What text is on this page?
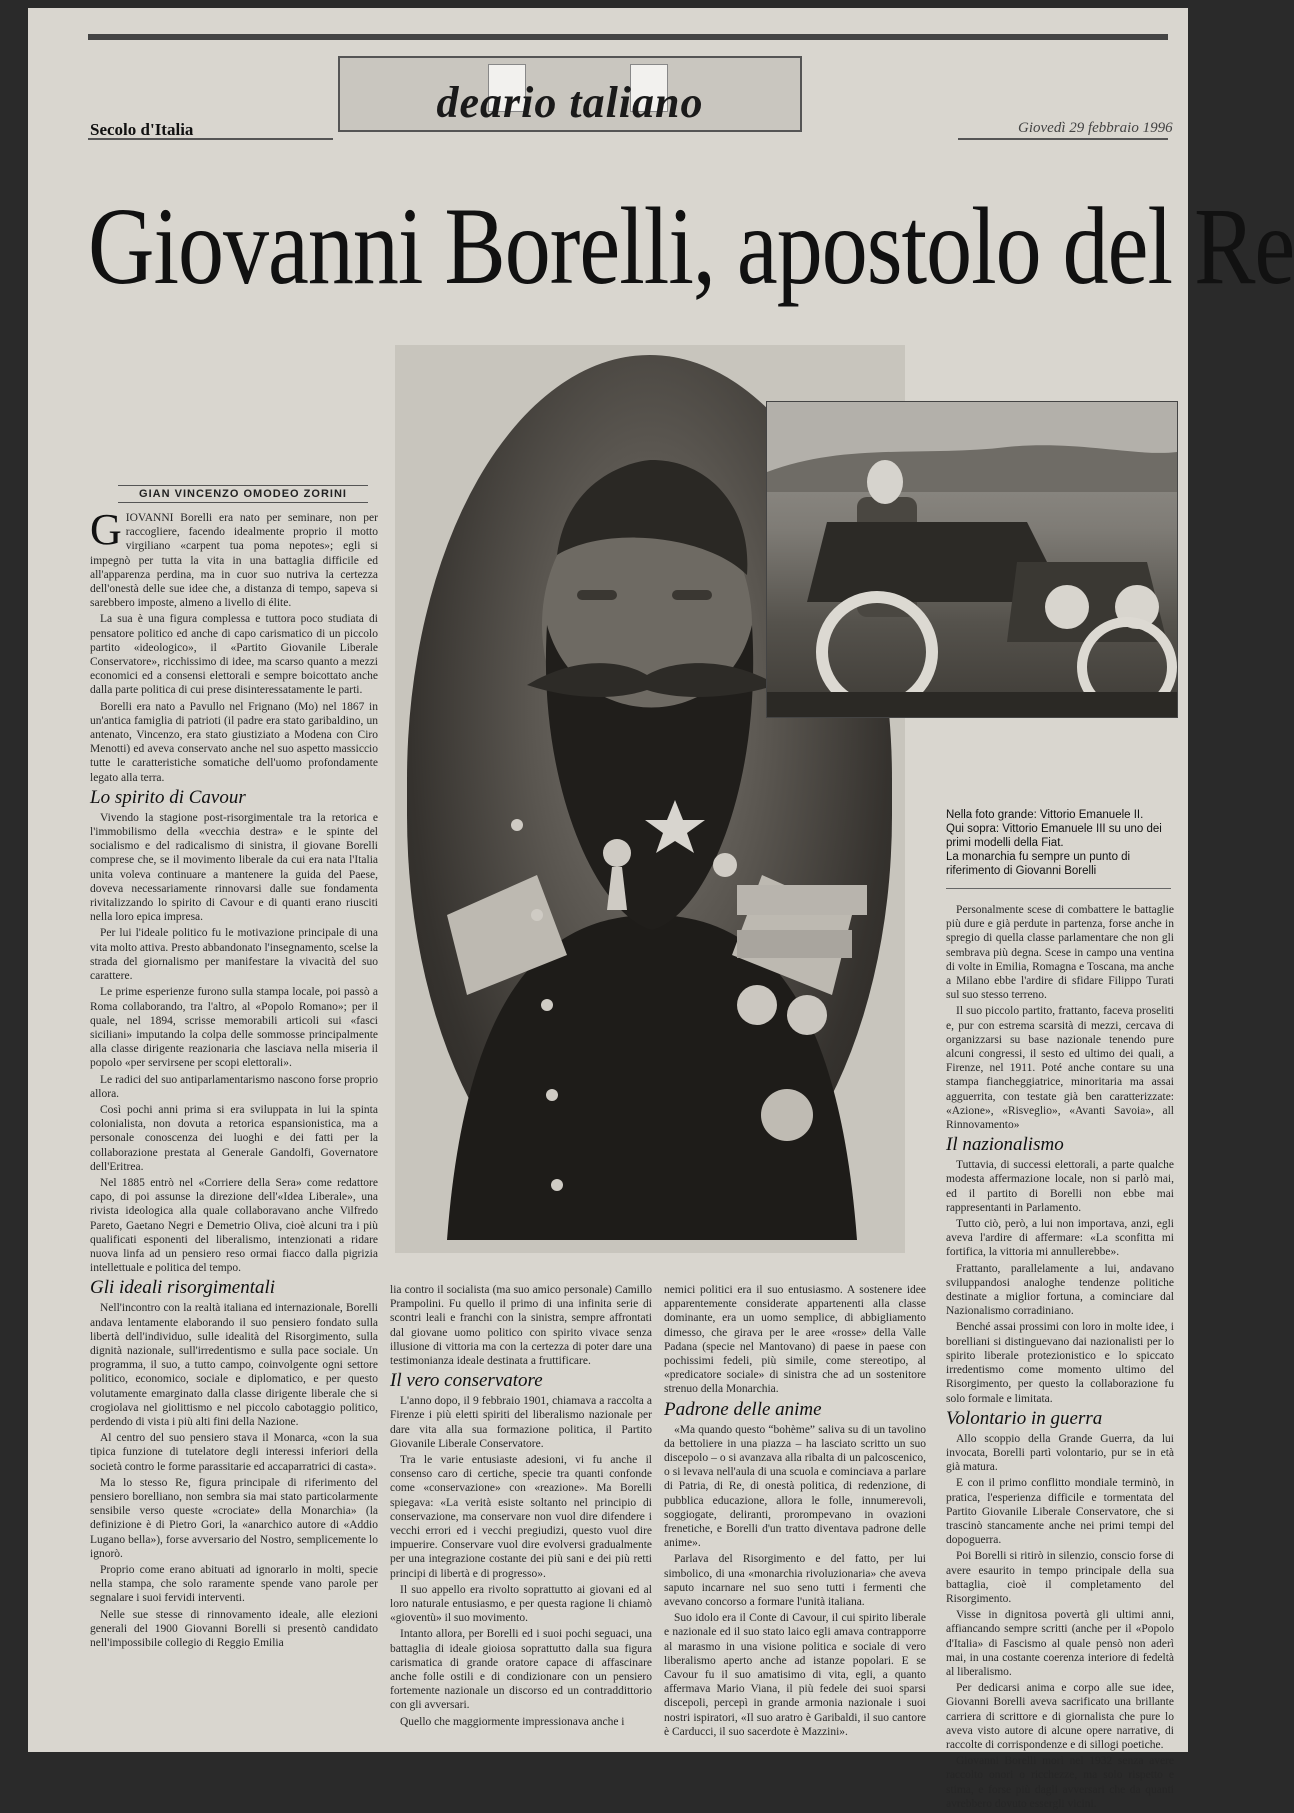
deario taliano
Secolo d'Italia	Giovedì 29 febbraio 1996
Giovanni Borelli, apostolo del Re
GIAN VINCENZO OMODEO ZORINI

GIOVANNI Borelli era nato per seminare, non per raccogliere, facendo idealmente proprio il motto virgiliano «carpent tua poma nepotes»; egli si impegnò per tutta la vita in una battaglia difficile ed all'apparenza perdina, ma in cuor suo nutriva la certezza dell'onestà delle sue idee che, a distanza di tempo, sapeva si sarebbero imposte, almeno a livello di élite.

La sua è una figura complessa e tuttora poco studiata di pensatore politico ed anche di capo carismatico di un piccolo partito «ideologico», il «Partito Giovanile Liberale Conservatore», ricchissimo di idee, ma scarso quanto a mezzi economici ed a consensi elettorali e sempre boicottato anche dalla parte politica di cui prese disinteressatamente le parti.

Borelli era nato a Pavullo nel Frignano (Mo) nel 1867 in un'antica famiglia di patrioti (il padre era stato garibaldino, un antenato, Vincenzo, era stato giustiziato a Modena con Ciro Menotti) ed aveva conservato anche nel suo aspetto massiccio tutte le caratteristiche somatiche dell'uomo profondamente legato alla terra.

Lo spirito di Cavour

Vivendo la stagione post-risorgimentale tra la retorica e l'immobilismo della «vecchia destra» e le spinte del socialismo e del radicalismo di sinistra, il giovane Borelli comprese che, se il movimento liberale da cui era nata l'Italia unita voleva continuare a mantenere la guida del Paese, doveva necessariamente rinnovarsi dalle sue fondamenta rivitalizzando lo spirito di Cavour e di quanti erano riusciti nella loro epica impresa.

Per lui l'ideale politico fu le motivazione principale di una vita molto attiva. Presto abbandonato l'insegnamento, scelse la strada del giornalismo per manifestare la vivacità del suo carattere.

Le prime esperienze furono sulla stampa locale, poi passò a Roma collaborando, tra l'altro, al «Popolo Romano»; per il quale, nel 1894, scrisse memorabili articoli sui «fasci siciliani» imputando la colpa delle sommosse principalmente alla classe dirigente reazionaria che lasciava nella miseria il popolo «per servirsene per scopi elettorali».

Le radici del suo antiparlamentarismo nascono forse proprio allora.

Così pochi anni prima si era sviluppata in lui la spinta colonialista, non dovuta a retorica espansionistica, ma a personale conoscenza dei luoghi e dei fatti per la collaborazione prestata al Generale Gandolfi, Governatore dell'Eritrea.

Nel 1885 entrò nel «Corriere della Sera» come redattore capo, di poi assunse la direzione dell'«Idea Liberale», una rivista ideologica alla quale collaboravano anche Vilfredo Pareto, Gaetano Negri e Demetrio Oliva, cioè alcuni tra i più qualificati esponenti del liberalismo, intenzionati a ridare nuova linfa ad un pensiero reso ormai fiacco dalla pigrizia intellettuale e politica del tempo.

Gli ideali risorgimentali

Nell'incontro con la realtà italiana ed internazionale, Borelli andava lentamente elaborando il suo pensiero fondato sulla libertà dell'individuo, sulle idealità del Risorgimento, sulla dignità nazionale, sull'irredentismo e sulla pace sociale. Un programma, il suo, a tutto campo, coinvolgente ogni settore politico, economico, sociale e diplomatico, e per questo volutamente emarginato dalla classe dirigente liberale che si crogiolava nel giolittismo e nel piccolo cabotaggio politico, perdendo di vista i più alti fini della Nazione.

Al centro del suo pensiero stava il Monarca, «con la sua tipica funzione di tutelatore degli interessi inferiori della società contro le forme parassitarie ed accaparratrici di casta».

Ma lo stesso Re, figura principale di riferimento del pensiero borelliano, non sembra sia mai stato particolarmente sensibile verso queste «crociate» della Monarchia» (la definizione è di Pietro Gori, la «anarchico autore di «Addio Lugano bella»), forse avversario del Nostro, semplicemente lo ignorò.

Proprio come erano abituati ad ignorarlo in molti, specie nella stampa, che solo raramente spende vano parole per segnalare i suoi fervidi interventi.

Nelle sue stesse di rinnovamento ideale, alle elezioni generali del 1900 Giovanni Borelli si presentò candidato nell'impossibile collegio di Reggio Emilia

lia contro il socialista (ma suo amico personale) Camillo Prampolini. Fu quello il primo di una infinita serie di scontri leali e franchi con la sinistra, sempre affrontati dal giovane uomo politico con spirito vivace senza illusione di vittoria ma con la certezza di poter dare una testimonianza ideale destinata a fruttificare.

Il vero conservatore

L'anno dopo, il 9 febbraio 1901, chiamava a raccolta a Firenze i più eletti spiriti del liberalismo nazionale per dare vita alla sua formazione politica, il Partito Giovanile Liberale Conservatore.

Tra le varie entusiaste adesioni, vi fu anche il consenso caro di certiche, specie tra quanti confonde come «conservazione» con «reazione». Ma Borelli spiegava: «La verità esiste soltanto nel principio di conservazione, ma conservare non vuol dire difendere i vecchi errori ed i vecchi pregiudizi, questo vuol dire impuerire. Conservare vuol dire evolversi gradualmente per una integrazione costante dei più sani e dei più retti principi di libertà e di progresso».

Il suo appello era rivolto soprattutto ai giovani ed al loro naturale entusiasmo, e per questa ragione li chiamò «gioventù» il suo movimento.

Intanto allora, per Borelli ed i suoi pochi seguaci, una battaglia di ideale gioiosa soprattutto dalla sua figura carismatica di grande oratore capace di affascinare anche folle ostili e di condizionare con un pensiero fortemente nazionale un discorso ed un contraddittorio con gli avversari.

Quello che maggiormente impressionava anche i

nemici politici era il suo entusiasmo. A sostenere idee apparentemente considerate appartenenti alla classe dominante, era un uomo semplice, di abbigliamento dimesso, che girava per le aree «rosse» della Valle Padana (specie nel Mantovano) di paese in paese con pochissimi fedeli, più simile, come stereotipo, al «predicatore sociale» di sinistra che ad un sostenitore strenuo della Monarchia.

Padrone delle anime

«Ma quando questo “bohème” saliva su di un tavolino da bettoliere in una piazza – ha lasciato scritto un suo discepolo – o si avanzava alla ribalta di un palcoscenico, o si levava nell'aula di una scuola e cominciava a parlare di Patria, di Re, di onestà politica, di redenzione, di pubblica educazione, allora le folle, innumerevoli, soggiogate, deliranti, prorompevano in ovazioni frenetiche, e Borelli d'un tratto diventava padrone delle anime».

Parlava del Risorgimento e del fatto, per lui simbolico, di una «monarchia rivoluzionaria» che aveva saputo incarnare nel suo seno tutti i fermenti che avevano concorso a formare l'unità italiana.

Suo idolo era il Conte di Cavour, il cui spirito liberale e nazionale ed il suo stato laico egli amava contrapporre al marasmo in una visione politica e sociale di vero liberalismo aperto anche ad istanze popolari. E se Cavour fu il suo amatisimo di vita, egli, a quanto affermava Mario Viana, il più fedele dei suoi sparsi discepoli, percepì in grande armonia nazionale i suoi nostri ispiratori, «Il suo aratro è Garibaldi, il suo cantore è Carducci, il suo sacerdote è Mazzini».

Nella foto grande: Vittorio Emanuele II.
Qui sopra: Vittorio Emanuele III su uno dei primi modelli della Fiat.
La monarchia fu sempre un punto di riferimento di Giovanni Borelli

Personalmente scese di combattere le battaglie più dure e già perdute in partenza, forse anche in spregio di quella classe parlamentare che non gli sembrava più degna. Scese in campo una ventina di volte in Emilia, Romagna e Toscana, ma anche a Milano ebbe l'ardire di sfidare Filippo Turati sul suo stesso terreno.

Il suo piccolo partito, frattanto, faceva proseliti e, pur con estrema scarsità di mezzi, cercava di organizzarsi su base nazionale tenendo pure alcuni congressi, il sesto ed ultimo dei quali, a Firenze, nel 1911. Poté anche contare su una stampa fiancheggiatrice, minoritaria ma assai agguerrita, con testate già ben caratterizzate: «Azione», «Risveglio», «Avanti Savoia», all Rinnovamento»

Il nazionalismo

Tuttavia, di successi elettorali, a parte qualche modesta affermazione locale, non si parlò mai, ed il partito di Borelli non ebbe mai rappresentanti in Parlamento.

Tutto ciò, però, a lui non importava, anzi, egli aveva l'ardire di affermare: «La sconfitta mi fortifica, la vittoria mi annullerebbe».

Frattanto, parallelamente a lui, andavano sviluppandosi analoghe tendenze politiche destinate a miglior fortuna, a cominciare dal Nazionalismo corradiniano.

Benché assai prossimi con loro in molte idee, i borelliani si distinguevano dai nazionalisti per lo spirito liberale protezionistico e lo spiccato irredentismo come momento ultimo del Risorgimento, per questo la collaborazione fu solo formale e limitata.

Volontario in guerra

Allo scoppio della Grande Guerra, da lui invocata, Borelli partì volontario, pur se in età già matura.

E con il primo conflitto mondiale terminò, in pratica, l'esperienza difficile e tormentata del Partito Giovanile Liberale Conservatore, che si trascinò stancamente anche nei primi tempi del dopoguerra.

Poi Borelli si ritirò in silenzio, conscio forse di avere esaurito in tempo principale della sua battaglia, cioè il completamento del Risorgimento.

Visse in dignitosa povertà gli ultimi anni, affiancando sempre scritti (anche per il «Popolo d'Italia» di Fascismo al quale pensò non aderì mai, in una costante coerenza interiore di fedeltà al liberalismo.

Per dedicarsi anima e corpo alle sue idee, Giovanni Borelli aveva sacrificato una brillante carriera di scrittore e di giornalista che pure lo aveva visto autore di alcune opere narrative, di raccolte di corrispondenze e di sillogi poetiche.

Giovanni Borelli morì nel 1932 senza avere raccolto onori o ricchezze, ma solo rispetto e stima, e forse più dagli avversari che da quanti avrebbero dovuto essergli vicini.
